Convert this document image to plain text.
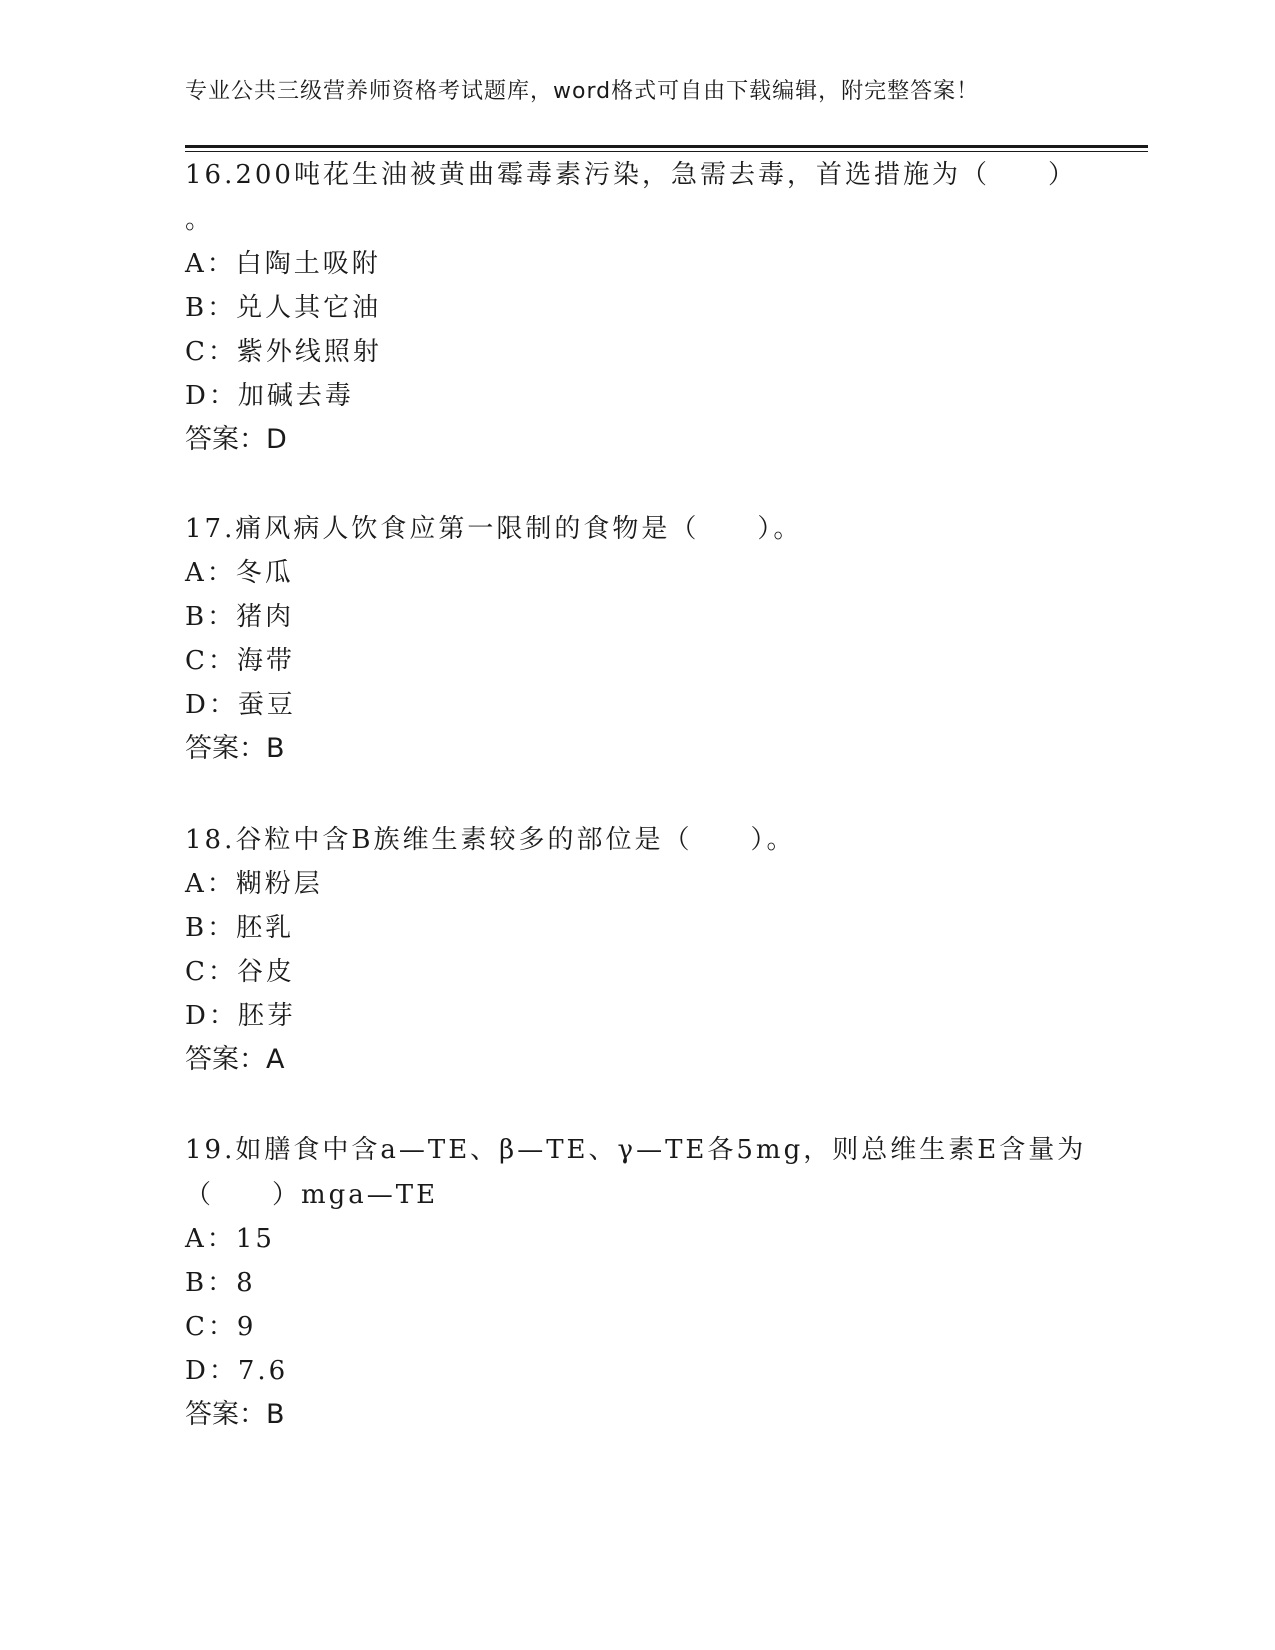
专业公共三级营养师资格考试题库，word格式可自由下载编辑，附完整答案！
16.200吨花生油被黄曲霉毒素污染，急需去毒，首选措施为（　　）
。
A：白陶土吸附
B：兑人其它油
C：紫外线照射
D：加碱去毒
答案：D
17.痛风病人饮食应第一限制的食物是（　　）。
A：冬瓜
B：猪肉
C：海带
D：蚕豆
答案：B
18.谷粒中含B族维生素较多的部位是（　　）。
A：糊粉层
B：胚乳
C：谷皮
D：胚芽
答案：A
19.如膳食中含a—TE、β—TE、γ—TE各5mg，则总维生素E含量为
（　　）mga—TE
A：15
B：8
C：9
D：7.6
答案：B
